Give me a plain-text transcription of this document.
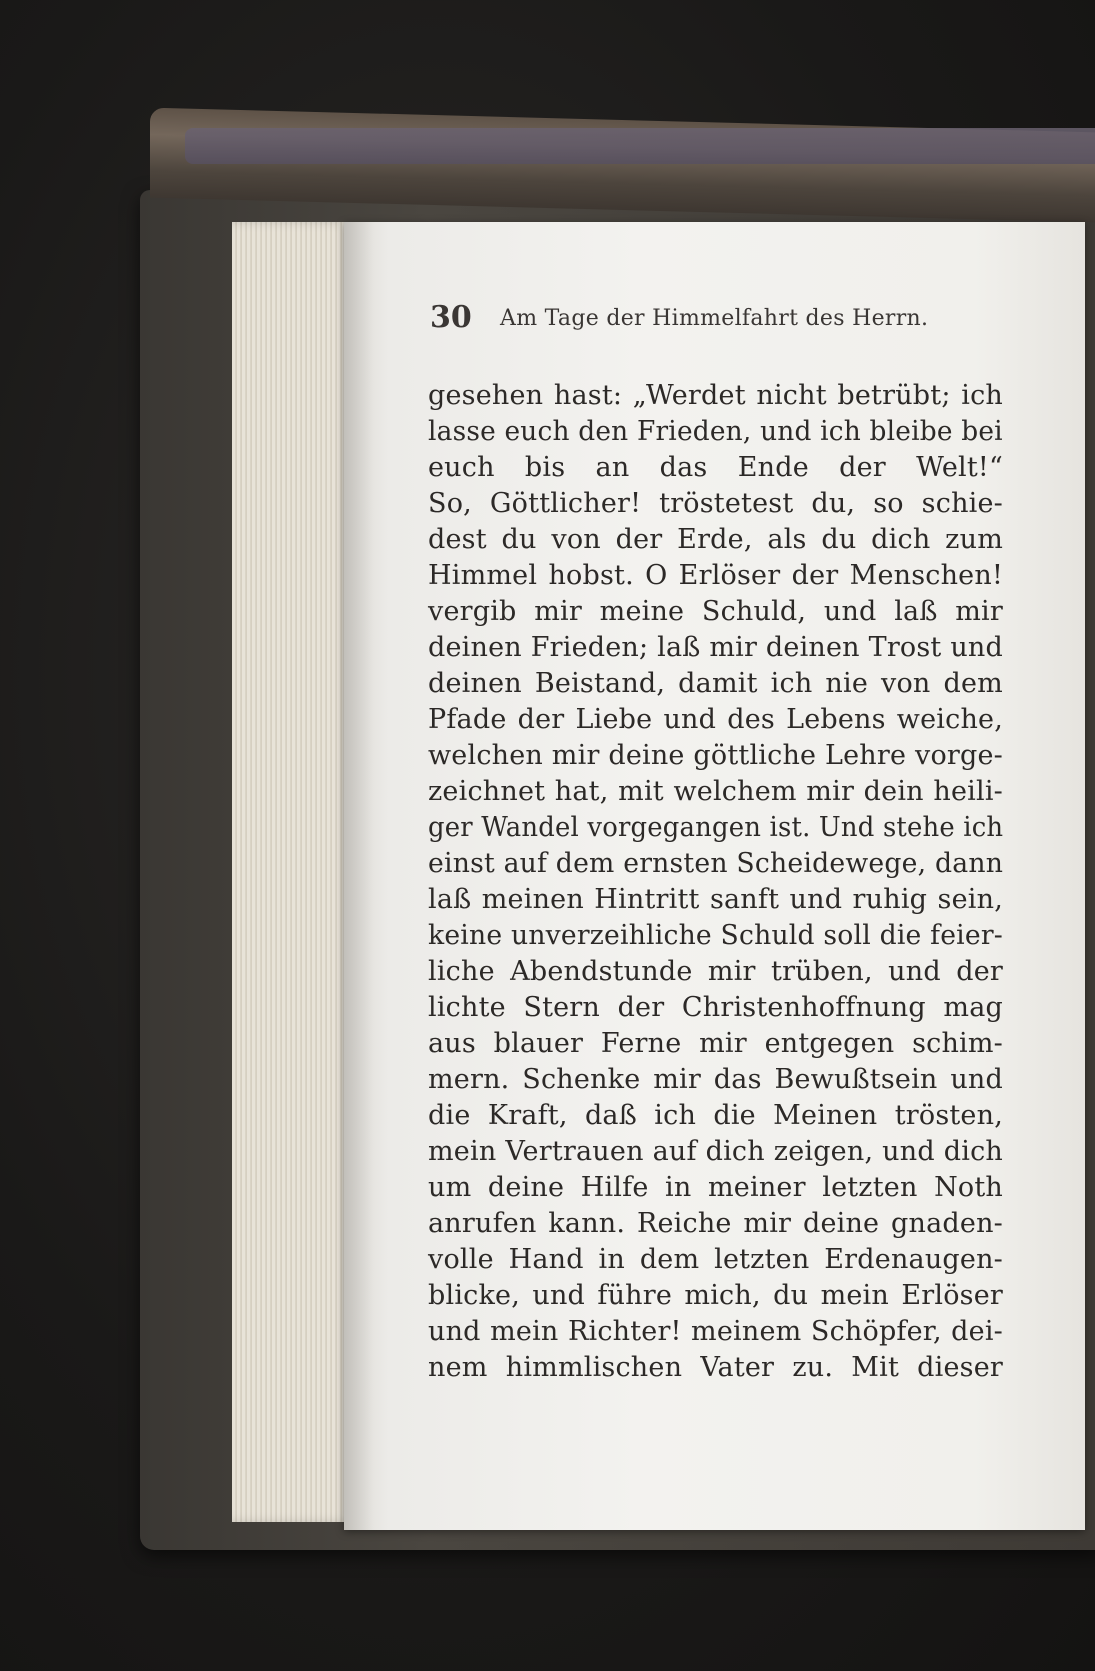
30 Am Tage der Himmelfahrt des Herrn.
gesehen hast: „Werdet nicht betrübt; ich
lasse euch den Frieden, und ich bleibe bei
euch bis an das Ende der Welt!“
So, Göttlicher! tröstetest du, so schie-
dest du von der Erde, als du dich zum
Himmel hobst. O Erlöser der Menschen!
vergib mir meine Schuld, und laß mir
deinen Frieden; laß mir deinen Trost und
deinen Beistand, damit ich nie von dem
Pfade der Liebe und des Lebens weiche,
welchen mir deine göttliche Lehre vorge-
zeichnet hat, mit welchem mir dein heili-
ger Wandel vorgegangen ist. Und stehe ich
einst auf dem ernsten Scheidewege, dann
laß meinen Hintritt sanft und ruhig sein,
keine unverzeihliche Schuld soll die feier-
liche Abendstunde mir trüben, und der
lichte Stern der Christenhoffnung mag
aus blauer Ferne mir entgegen schim-
mern. Schenke mir das Bewußtsein und
die Kraft, daß ich die Meinen trösten,
mein Vertrauen auf dich zeigen, und dich
um deine Hilfe in meiner letzten Noth
anrufen kann. Reiche mir deine gnaden-
volle Hand in dem letzten Erdenaugen-
blicke, und führe mich, du mein Erlöser
und mein Richter! meinem Schöpfer, dei-
nem himmlischen Vater zu. Mit dieser
